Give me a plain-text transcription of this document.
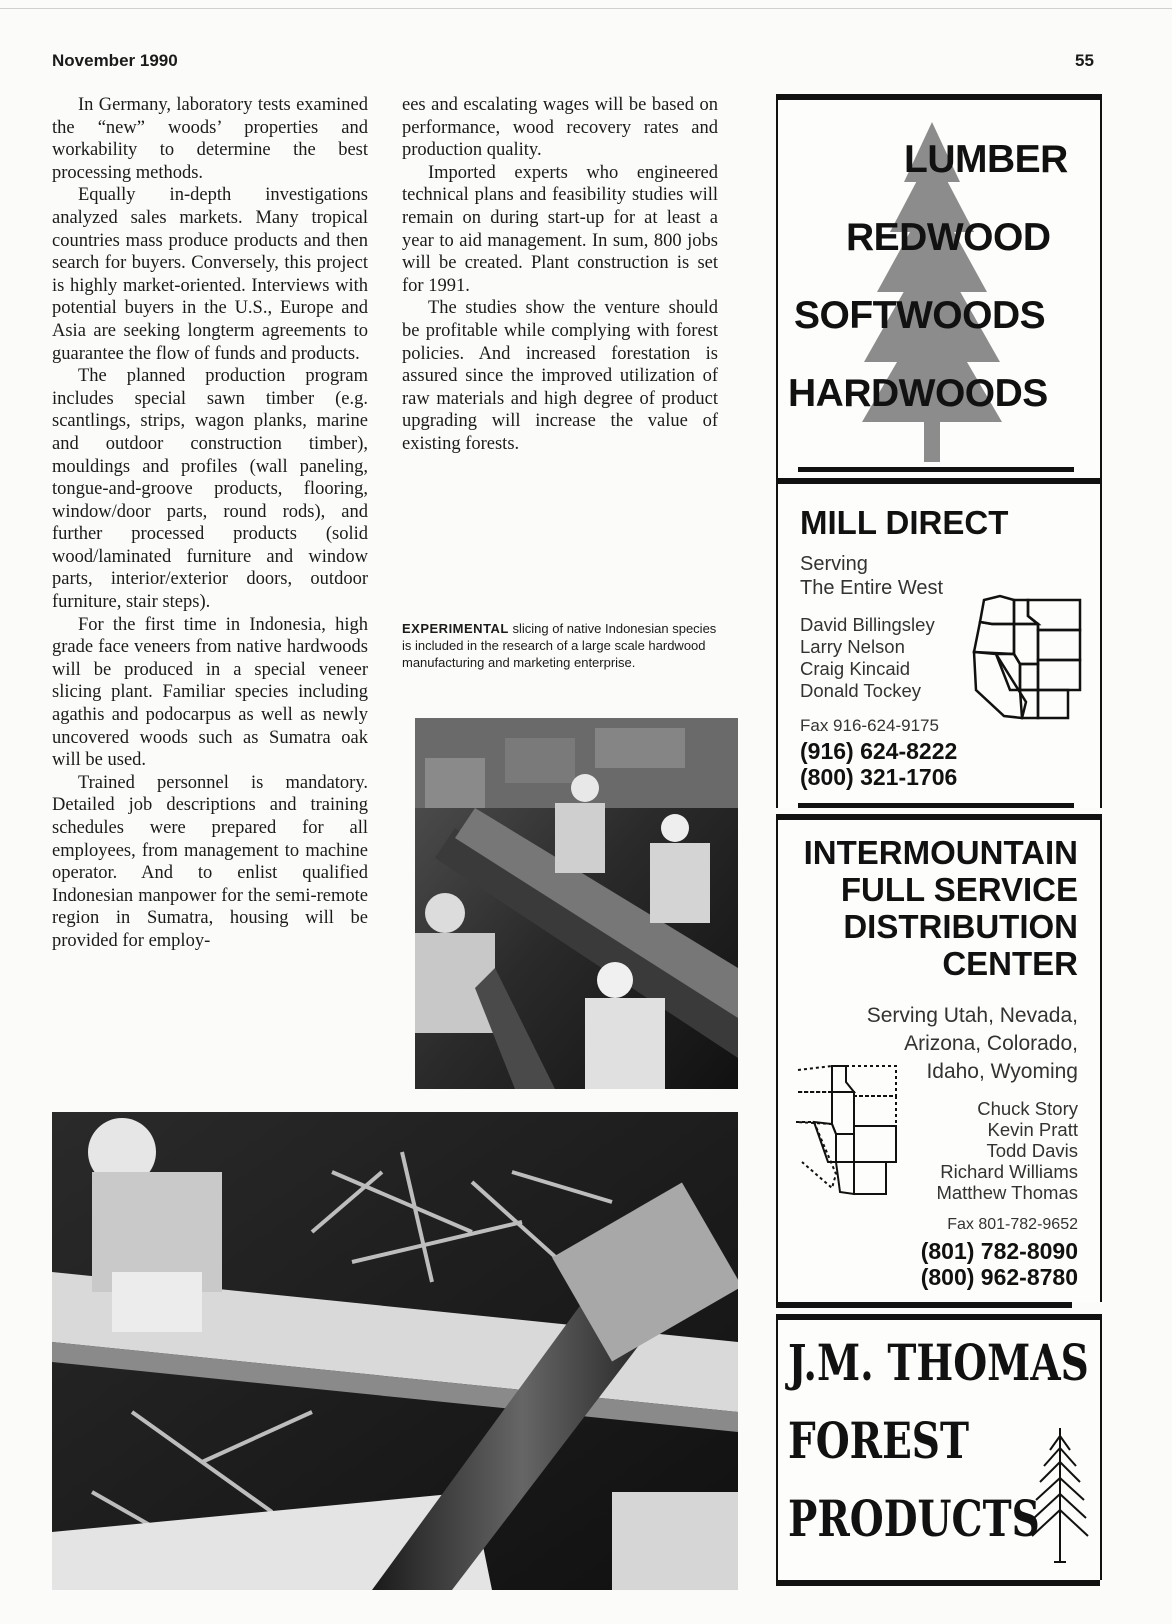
November 1990	55

In Germany, laboratory tests examined the “new” woods’ properties and workability to determine the best processing methods.

Equally in-depth investigations analyzed sales markets. Many tropical countries mass produce products and then search for buyers. Conversely, this project is highly market-oriented. Interviews with potential buyers in the U.S., Europe and Asia are seeking longterm agreements to guarantee the flow of funds and products.

The planned production program includes special sawn timber (e.g. scantlings, strips, wagon planks, marine and outdoor construction timber), mouldings and profiles (wall paneling, tongue-and-groove products, flooring, window/door parts, round rods), and further processed products (solid wood/laminated furniture and window parts, interior/exterior doors, outdoor furniture, stair steps).

For the first time in Indonesia, high grade face veneers from native hardwoods will be produced in a special veneer slicing plant. Familiar species including agathis and podocarpus as well as newly uncovered woods such as Sumatra oak will be used.

Trained personnel is mandatory. Detailed job descriptions and training schedules were prepared for all employees, from management to machine operator. And to enlist qualified Indonesian manpower for the semi-remote region in Sumatra, housing will be provided for employ-

ees and escalating wages will be based on performance, wood recovery rates and production quality.

Imported experts who engineered technical plans and feasibility studies will remain on during start-up for at least a year to aid management. In sum, 800 jobs will be created. Plant construction is set for 1991.

The studies show the venture should be profitable while complying with forest policies. And increased forestation is assured since the improved utilization of raw materials and high degree of product upgrading will increase the value of existing forests.

EXPERIMENTAL slicing of native Indonesian species is included in the research of a large scale hardwood manufacturing and marketing enterprise.
LUMBER
REDWOOD
SOFTWOODS
HARDWOODS
MILL DIRECT
Serving
The Entire West
David Billingsley
Larry Nelson
Craig Kincaid
Donald Tockey
Fax 916-624-9175
(916) 624-8222
(800) 321-1706
INTERMOUNTAIN
FULL SERVICE
DISTRIBUTION
CENTER
Serving Utah, Nevada,
Arizona, Colorado,
Idaho, Wyoming
Chuck Story
Kevin Pratt
Todd Davis
Richard Williams
Matthew Thomas
Fax 801-782-9652
(801) 782-8090
(800) 962-8780
J.M. THOMAS
FOREST
PRODUCTS
